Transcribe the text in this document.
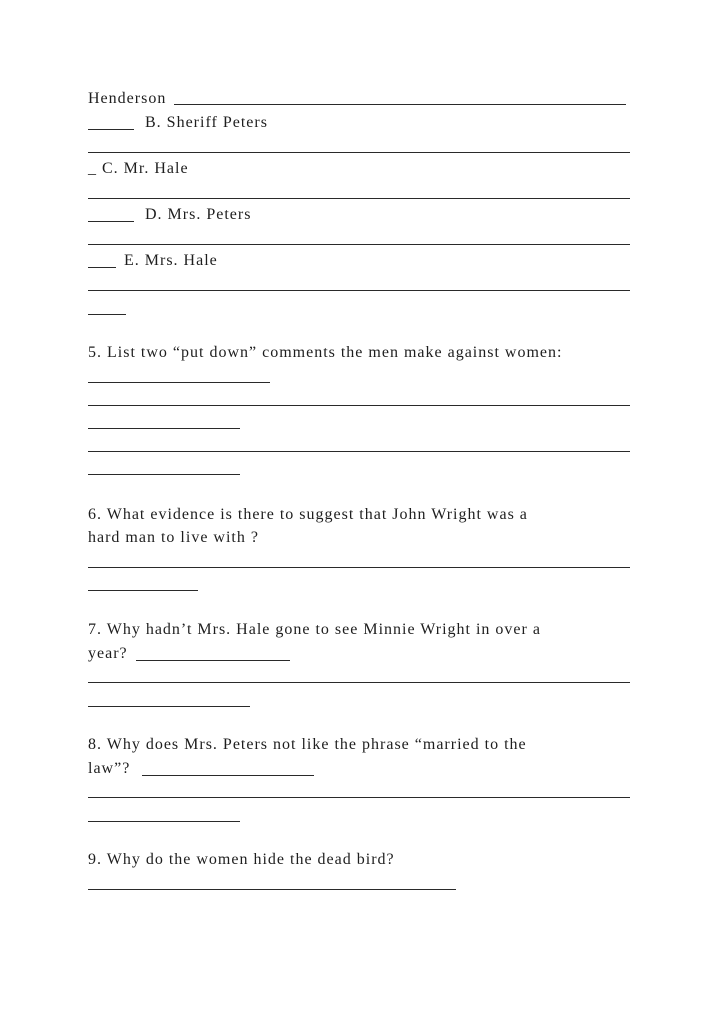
Henderson

B. Sheriff Peters

_ C. Mr. Hale

D. Mrs. Peters

E. Mrs. Hale

5. List two “put down” comments the men make against women:

6. What evidence is there to suggest that John Wright was a

hard man to live with ?

7. Why hadn’t Mrs. Hale gone to see Minnie Wright in over a

year?

8. Why does Mrs. Peters not like the phrase “married to the

law”?

9. Why do the women hide the dead bird?
